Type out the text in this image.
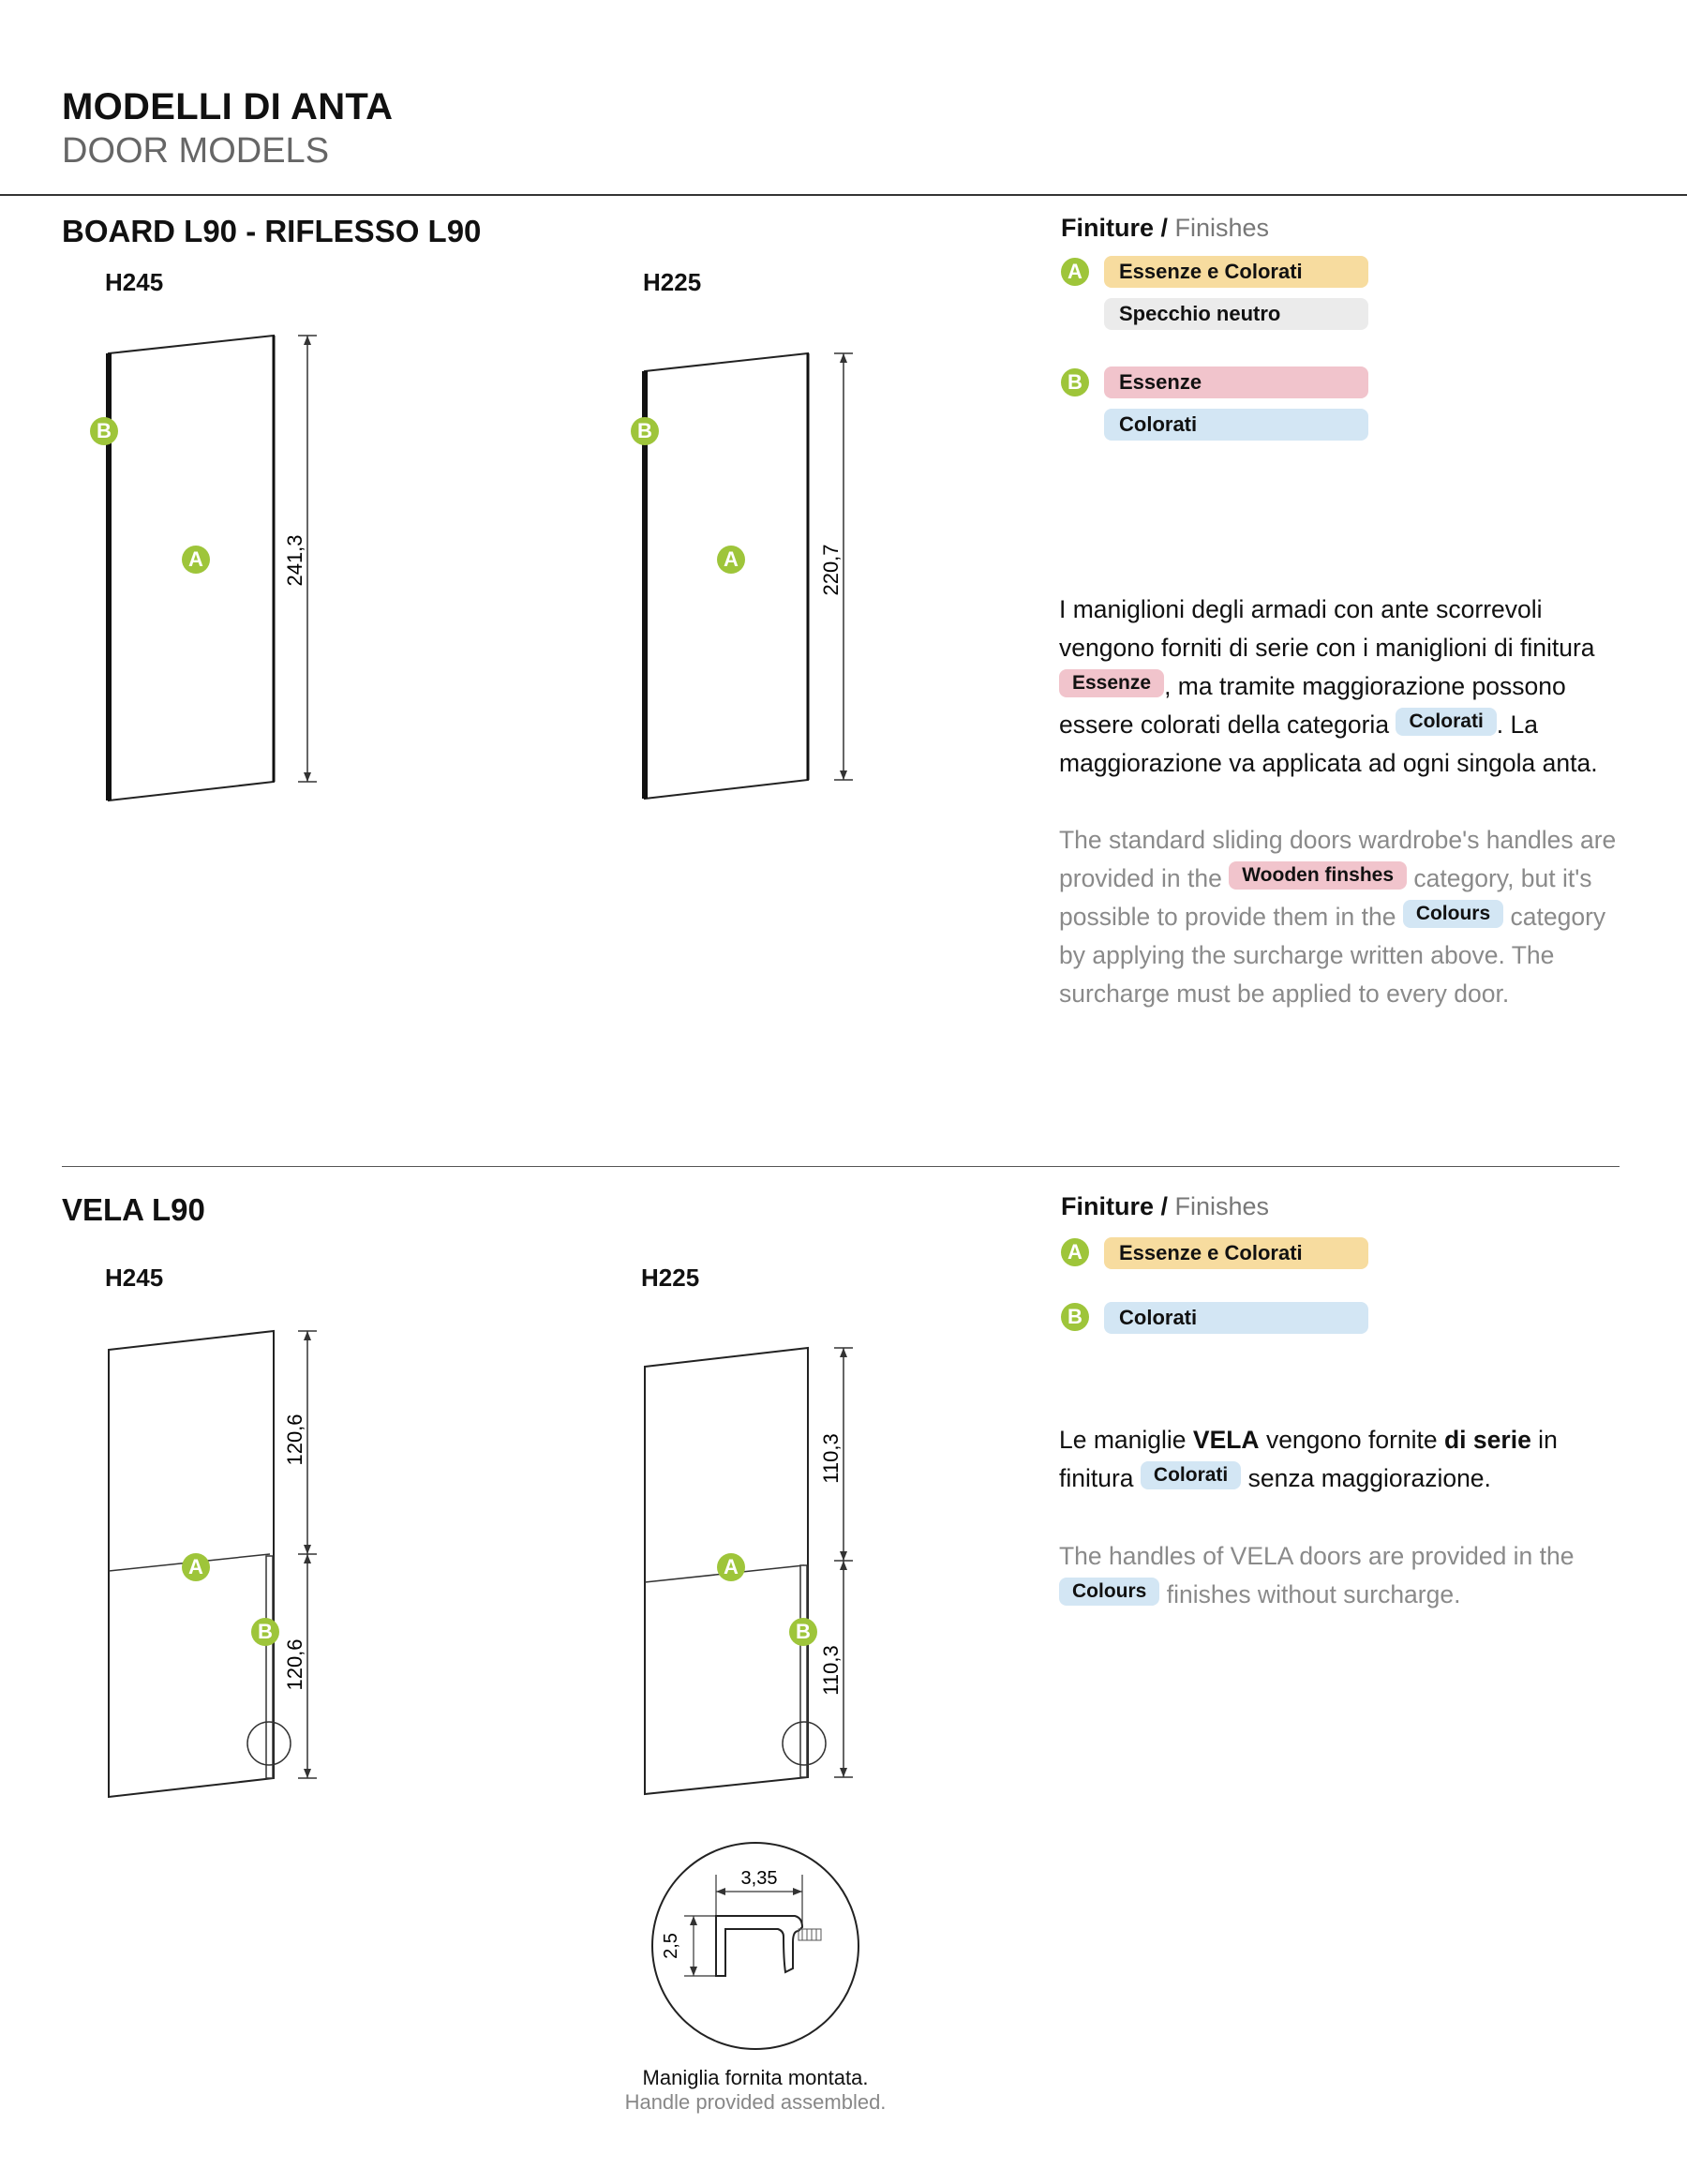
MODELLI DI ANTA
DOOR MODELS
BOARD L90 - RIFLESSO L90
H245	H225
241,3	220,7
120,6
120,6
110,3
110,3
3,35
2,5
B
A
B
A
Finiture / Finishes
A	Essenze e Colorati
Specchio neutro
B	Essenze
Colorati
I maniglioni degli armadi con ante scorrevoli vengono forniti di serie con i maniglioni di finitura
Essenze , ma tramite maggiorazione possono essere colorati della categoria Colorati . La maggiorazione va applicata ad ogni singola anta.
The standard sliding doors wardrobe's handles are provided in the Wooden finshes category, but it's possible to provide them in the Colours category by applying the surcharge written above. The surcharge must be applied to every door.
VELA L90
H245	H225
A
B
A
B
Finiture / Finishes
A	Essenze e Colorati
B	Colorati
Le maniglie VELA vengono fornite di serie in finitura Colorati senza maggiorazione.
The handles of VELA doors are provided in the
Colours finishes without surcharge.
Maniglia fornita montata.
Handle provided assembled.
